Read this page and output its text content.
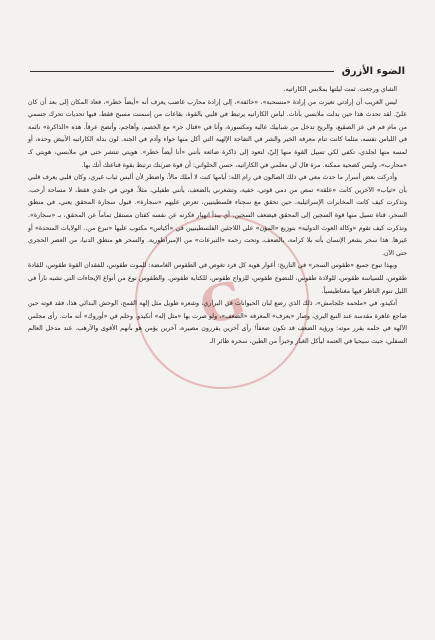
الضوء الأزرق
G

الشاي ورجعت. ثمت ليلتها بملابس الكاراتيه.

ليس الغريب أن إرادتي تغيرت من إرادة «منسحبة»، «خائفة»، إلى إرادة محارب غاضب يعرف أنه «أيضاً خطر»، فعاد المكان إلى بعد أن كان عليّ. لقد تحدث هذا حين بدلت ملابسي بأنات. لباس الكاراتيه يرتبط في قلبي بالقوة، بقاعات من إسمنت مسبح فقط، فيها تحديات تحرك جسمي من مام فم في عز الصقيع، والريح تدخل من شبابيك عالية ومكسورة، وأنا في «قتال حر» مع الخصم، وأهاجم، وأتضح عرقاً. هذه «الذاكرة» نائمة في اللباس نفسه، مثلما كانت تنام معرفة الخير والشر في التفاحة الإلهية التي أكل منها حواء وآدم في الجنة. لون بدلة الكاراتيه الأبيض وحده، أو لمسة منها لجلدي، تكفي لكي تسيل القوة منها إليّ، لتعود إلى ذاكرة ضائعة بأنني «أنا أيضاً خطر». هويتي تنتشر حتى في ملابسي، هويتي كـ «محارب»، وليس كضحية ممكنة. مرة قال لي معلمي في الكاراتيه، حسن الحلواني: أن قوة ضربتك ترتبط بقوة قناعتك أنك بها.

وأدركت بعض أسرار ما حدث معي في ذلك الصالون في رام الله: أيامها كنت لا أملك مالاً، واضطر لأن ألبس ثياب غيري، وكان قلبي يعرف قلبي بأن «ثياب» الآخرين كانت «علقة» تمص من دمي قوتي، خفية، وتشعرني بالضعف، بأنني طفيلي، مثلاً. قوتي في جلدي فقط، لا مساحة أرحب. وتذكرت كيف كانت المخابرات الإسرائيلية، حين تحقق مع سجناء فلسطينيين، تعرض عليهم «سجارة». قبول سجارة المحقق يعني، في منطق السحر، قناة تسيل منها قوة السجين إلى المحقق فيضعف السجين، أي يبدأ انهيار فكرته عن نفسه كفتان مستقل تماماً عن المحقق، بـ «سجارة». وتذكرت كيف تقوم «وكالة الغوث الدولية» بتوزيع «المؤن» على اللاجئين الفلسطينيين في «أكياس» مكتوب عليها «تبرع من.. الولايات المتحدة» أو غيرها. هذا سحر يشعر الإنسان بأنه بلا كرامة، بالضعف، وتحت رحمة «التبرعات» من الإمبراطورية. والسحر هو منطق الدنيا، من العصر الحجري حتى الآن.

وبهذا تبوح جميع «طقوس السحر» في التاريخ: أغوار هوية كل فرد تغوص في الطقوس الغامضة: للموت طقوس، للفقدان القوة طقوس، للقادة طقوس، للسياسة طقوس، للولادة طقوس، للنضوج طقوس، للزواج طقوس، للكتابة طقوس. والطقوس نوع من أنواع الإيحاءات التي تشبه ناراً في الليل تنوم الناظر فيها مغناطيسياً.

أتكيدو، في «ملحمة جلجامش»، ذلك الذي رضع لبان الحيوانات في البراري، وشعره طويل مثل إلهة القمح، الوحش البدائي هذا، فقد قوته حين ضاجع عاهرة مقدسة عند النبع البري، وصار «يعرف» المعرفة «الضعف»، ولو صرت بها «مثل إله» أنكيدو. وحلم في «أوروك» أنه مات. رأى مجلس الآلهة في حلمه يقرر موته: ورؤية الضعف قد تكون ضعفاً! رأى آخرين يقررون مصيره، آخرين يؤمن هو بأنهم الأقوى والأرهب. عند مدخل العالم السفلي، حيث سيحيا في العتمة ليأكل الغبار وخبزاً من الطين، سحره طائر الـ
